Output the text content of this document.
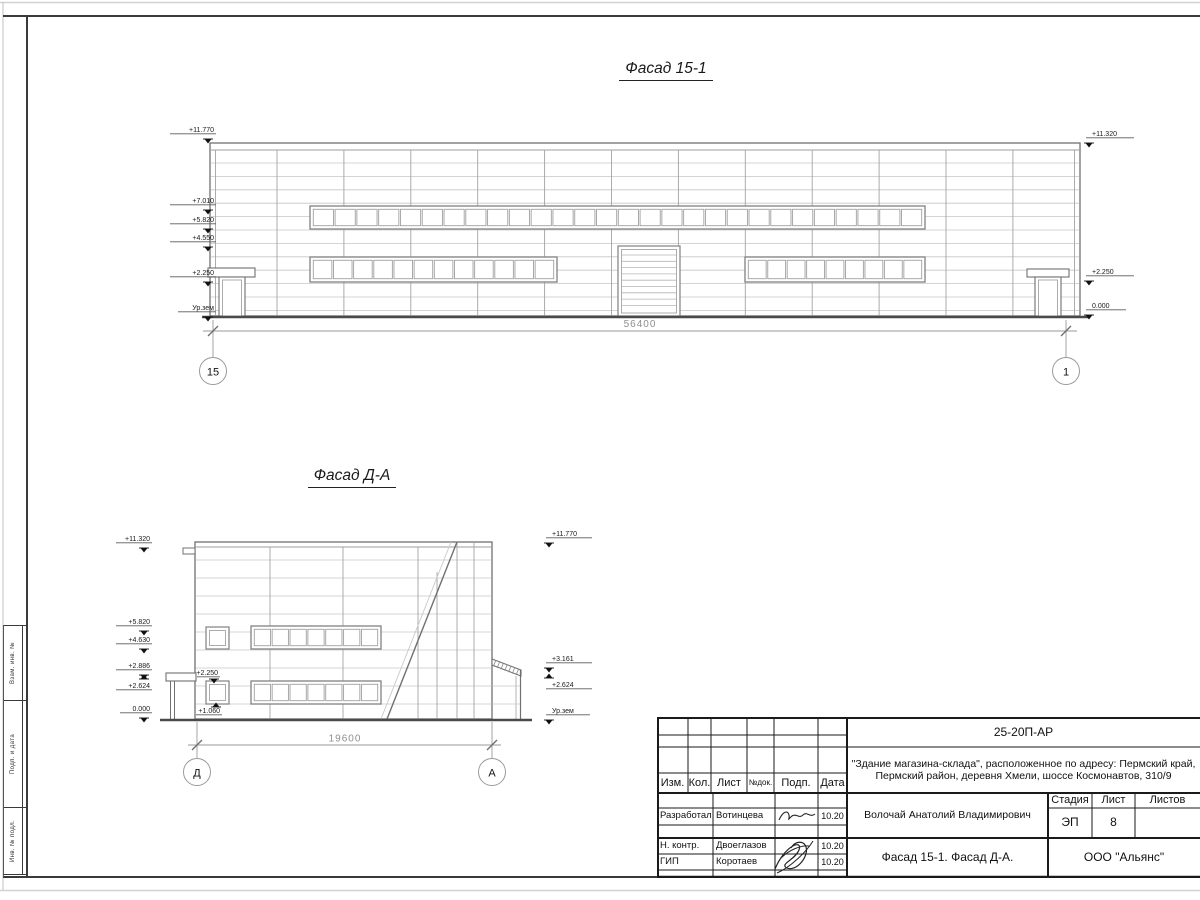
56400
15	1
19600
Д	А
+11.770
+7.010
+5.820
+4.550
+2.250
Ур.зем
+11.320
+2.250
0.000
+11.320
+5.820
+4.630
+2.886
+2.624
0.000
+11.770
+3.161
+2.624
Ур.зем
+2.250
+1.060
Фасад 15-1
Фасад Д-А
Взам. инв. №
Подп. и дата
Инв. № подл.
25-20П-АР
"Здание магазина-склада", расположенное по адресу: Пермский край,
Пермский район, деревня Хмели, шоссе Космонавтов, 310/9
Изм. Кол. Лист №док. Подп. Дата
Разработал Вотинцева	10.20
Н. контр.	Двоеглазов	10.20
ГИП	Коротаев	10.20
Волочай Анатолий Владимирович
Стадия	Лист	Листов
ЭП	8
Фасад 15-1. Фасад Д-А.	ООО "Альянс"
